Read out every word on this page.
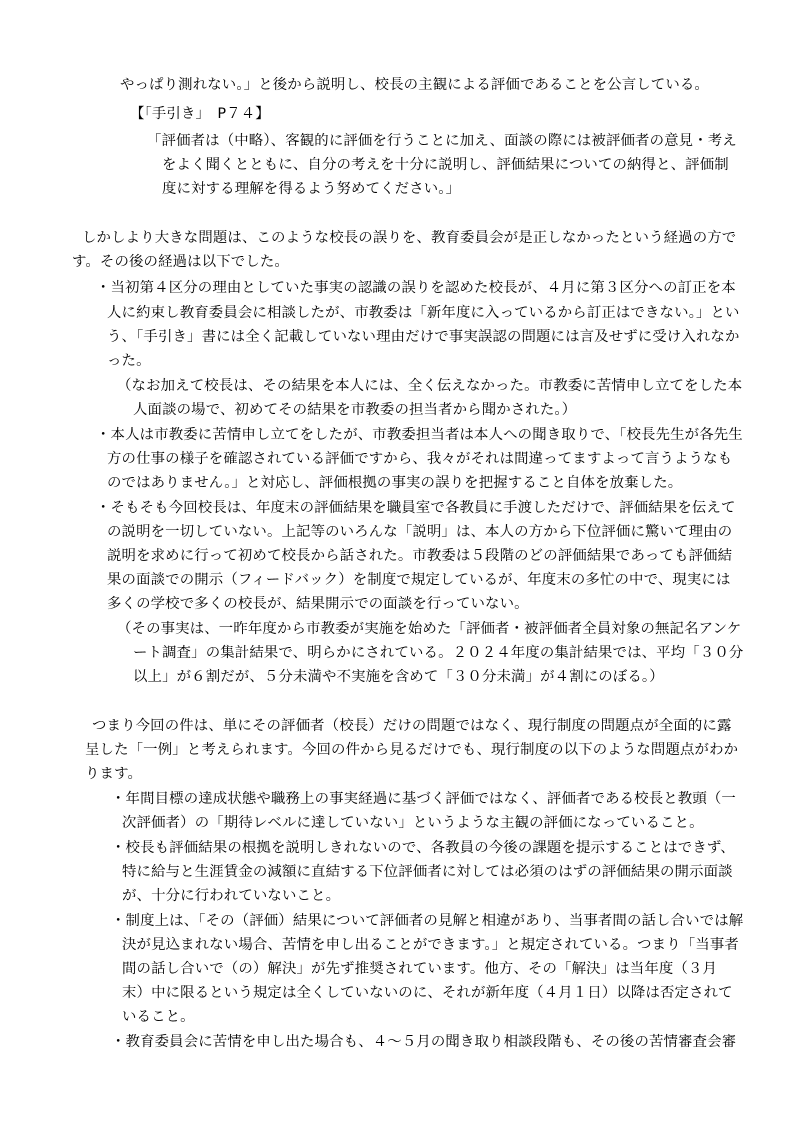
やっぱり測れない。」と後から説明し、校長の主観による評価であることを公言している。
【「手引き」　P７４】
「評価者は（中略）、客観的に評価を行うことに加え、面談の際には被評価者の意見・考え
をよく聞くとともに、自分の考えを十分に説明し、評価結果についての納得と、評価制
度に対する理解を得るよう努めてください。」
しかしより大きな問題は、このような校長の誤りを、教育委員会が是正しなかったという経過の方で
す。その後の経過は以下でした。
・当初第４区分の理由としていた事実の認識の誤りを認めた校長が、４月に第３区分への訂正を本
人に約束し教育委員会に相談したが、市教委は「新年度に入っているから訂正はできない。」とい
う、「手引き」書には全く記載していない理由だけで事実誤認の問題には言及せずに受け入れなか
った。
（なお加えて校長は、その結果を本人には、全く伝えなかった。市教委に苦情申し立てをした本
人面談の場で、初めてその結果を市教委の担当者から聞かされた。）
・本人は市教委に苦情申し立てをしたが、市教委担当者は本人への聞き取りで、「校長先生が各先生
方の仕事の様子を確認されている評価ですから、我々がそれは間違ってますよって言うようなも
のではありません。」と対応し、評価根拠の事実の誤りを把握すること自体を放棄した。
・そもそも今回校長は、年度末の評価結果を職員室で各教員に手渡しただけで、評価結果を伝えて
の説明を一切していない。上記等のいろんな「説明」は、本人の方から下位評価に驚いて理由の
説明を求めに行って初めて校長から話された。市教委は５段階のどの評価結果であっても評価結
果の面談での開示（フィードバック）を制度で規定しているが、年度末の多忙の中で、現実には
多くの学校で多くの校長が、結果開示での面談を行っていない。
（その事実は、一昨年度から市教委が実施を始めた「評価者・被評価者全員対象の無記名アンケ
ート調査」の集計結果で、明らかにされている。２０２４年度の集計結果では、平均「３０分
以上」が６割だが、５分未満や不実施を含めて「３０分未満」が４割にのぼる。）
つまり今回の件は、単にその評価者（校長）だけの問題ではなく、現行制度の問題点が全面的に露
呈した「一例」と考えられます。今回の件から見るだけでも、現行制度の以下のような問題点がわか
ります。
・年間目標の達成状態や職務上の事実経過に基づく評価ではなく、評価者である校長と教頭（一
次評価者）の「期待レベルに達していない」というような主観の評価になっていること。
・校長も評価結果の根拠を説明しきれないので、各教員の今後の課題を提示することはできず、
特に給与と生涯賃金の減額に直結する下位評価者に対しては必須のはずの評価結果の開示面談
が、十分に行われていないこと。
・制度上は、「その（評価）結果について評価者の見解と相違があり、当事者間の話し合いでは解
決が見込まれない場合、苦情を申し出ることができます。」と規定されている。つまり「当事者
間の話し合いで（の）解決」が先ず推奨されています。他方、その「解決」は当年度（３月
末）中に限るという規定は全くしていないのに、それが新年度（４月１日）以降は否定されて
いること。
・教育委員会に苦情を申し出た場合も、４～５月の聞き取り相談段階も、その後の苦情審査会審
